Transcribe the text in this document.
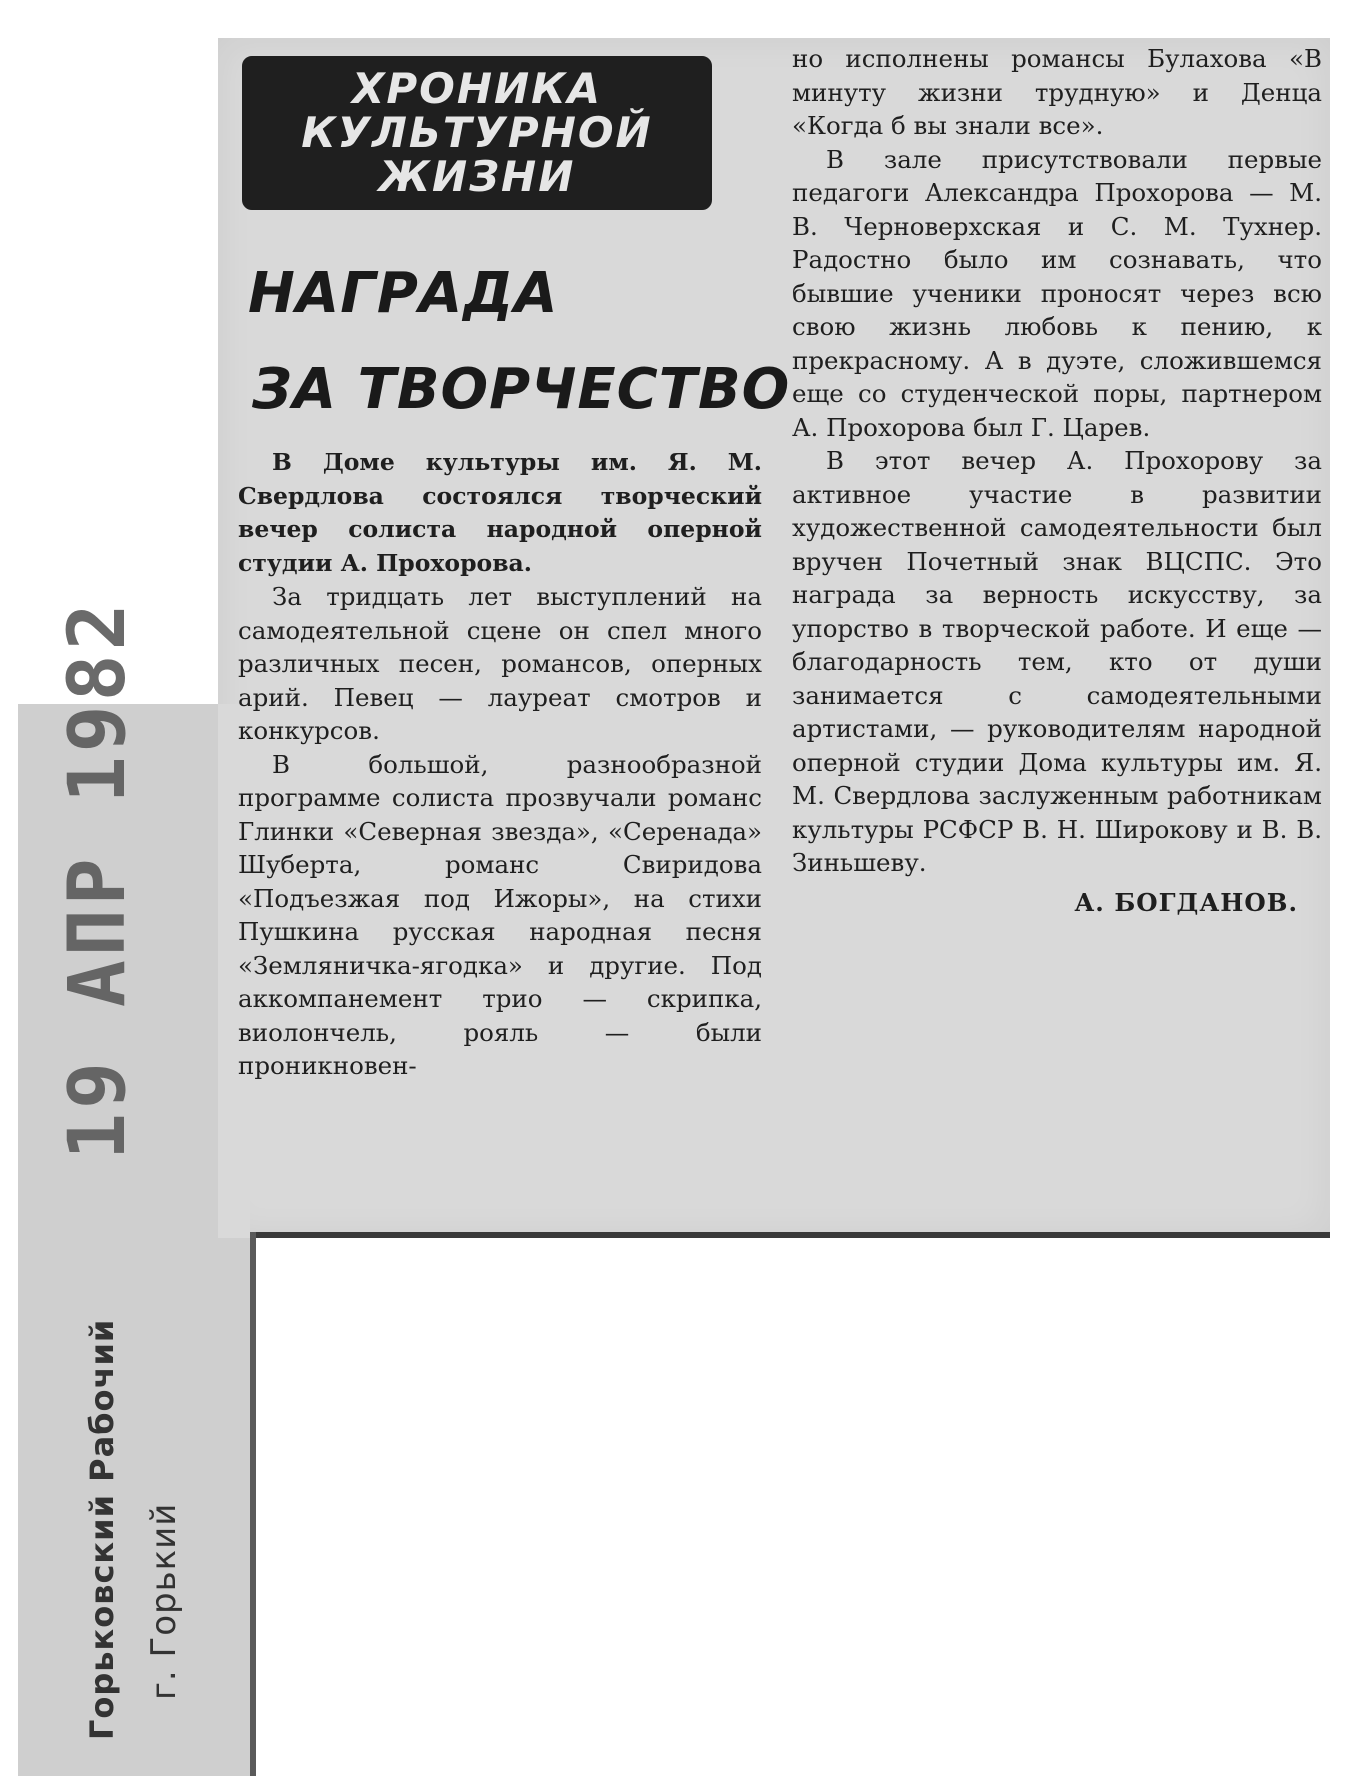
ХРОНИКА
КУЛЬТУРНОЙ
ЖИЗНИ
НАГРАДА
ЗА ТВОРЧЕСТВО

В Доме культуры им. Я. М. Свердлова состоялся творческий вечер солиста народной оперной студии А. Прохорова.

За тридцать лет выступлений на самодеятельной сцене он спел много различных песен, романсов, оперных арий. Певец — лауреат смотров и конкурсов.

В большой, разнообразной программе солиста прозвучали романс Глинки «Северная звезда», «Серенада» Шуберта, романс Свиридова «Подъезжая под Ижоры», на стихи Пушкина русская народная песня «Земляничка-ягодка» и другие. Под аккомпанемент трио — скрипка, виолончель, рояль — были проникновен-

но исполнены романсы Булахова «В минуту жизни трудную» и Денца «Когда б вы знали все».

В зале присутствовали первые педагоги Александра Прохорова — М. В. Черноверхская и С. М. Тухнер. Радостно было им сознавать, что бывшие ученики проносят через всю свою жизнь любовь к пению, к прекрасному. А в дуэте, сложившемся еще со студенческой поры, партнером А. Прохорова был Г. Царев.

В этот вечер А. Прохорову за активное участие в развитии художественной самодеятельности был вручен Почетный знак ВЦСПС. Это награда за верность искусству, за упорство в творческой работе. И еще — благодарность тем, кто от души занимается с самодеятельными артистами, — руководителям народной оперной студии Дома культуры им. Я. М. Свердлова заслуженным работникам культуры РСФСР В. Н. Широкову и В. В. Зиньшеву.

А. БОГДАНОВ.
19 АПР 1982
Горьковский Рабочий г. Горький
